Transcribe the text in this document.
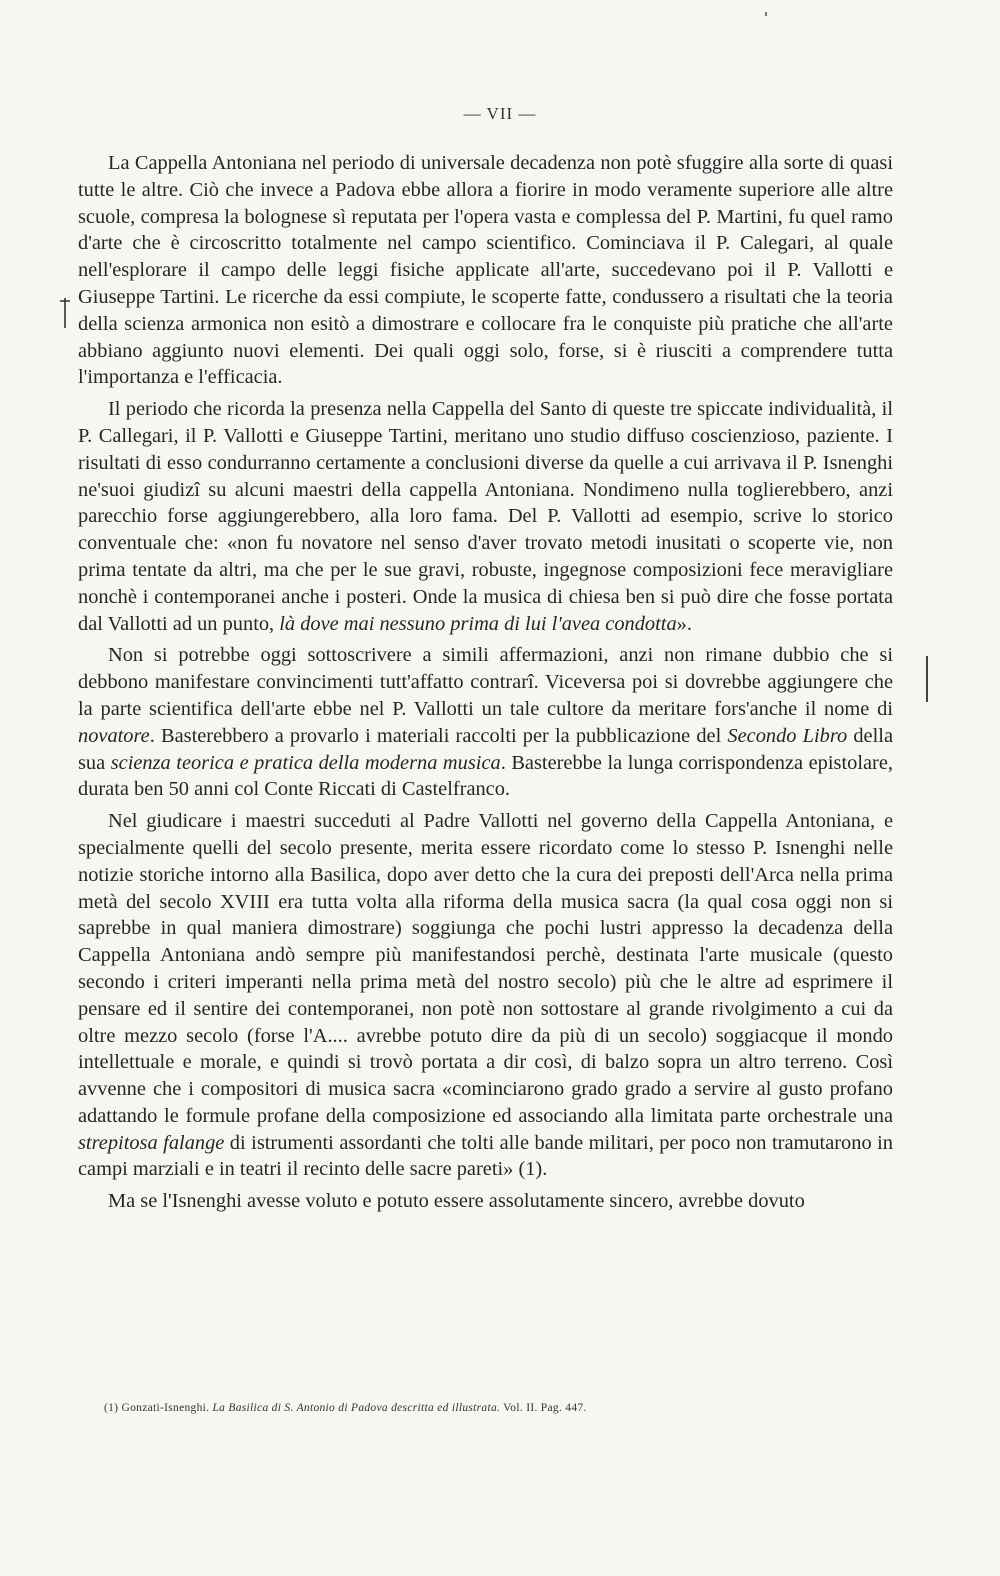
— VII —

La Cappella Antoniana nel periodo di universale decadenza non potè sfuggire alla sorte di quasi tutte le altre. Ciò che invece a Padova ebbe allora a fiorire in modo veramente superiore alle altre scuole, compresa la bolognese sì reputata per l'opera vasta e complessa del P. Martini, fu quel ramo d'arte che è circoscritto totalmente nel campo scientifico. Cominciava il P. Calegari, al quale nell'esplorare il campo delle leggi fisiche applicate all'arte, succedevano poi il P. Vallotti e Giuseppe Tartini. Le ricerche da essi compiute, le scoperte fatte, condussero a risultati che la teoria della scienza armonica non esitò a dimostrare e collocare fra le conquiste più pratiche che all'arte abbiano aggiunto nuovi elementi. Dei quali oggi solo, forse, si è riusciti a comprendere tutta l'importanza e l'efficacia.

Il periodo che ricorda la presenza nella Cappella del Santo di queste tre spiccate individualità, il P. Callegari, il P. Vallotti e Giuseppe Tartini, meritano uno studio diffuso coscienzioso, paziente. I risultati di esso condurranno certamente a conclusioni diverse da quelle a cui arrivava il P. Isnenghi ne'suoi giudizî su alcuni maestri della cappella Antoniana. Nondimeno nulla toglierebbero, anzi parecchio forse aggiungerebbero, alla loro fama. Del P. Vallotti ad esempio, scrive lo storico conventuale che: «non fu novatore nel senso d'aver trovato metodi inusitati o scoperte vie, non prima tentate da altri, ma che per le sue gravi, robuste, ingegnose composizioni fece meravigliare nonchè i contemporanei anche i posteri. Onde la musica di chiesa ben si può dire che fosse portata dal Vallotti ad un punto, là dove mai nessuno prima di lui l'avea condotta».

Non si potrebbe oggi sottoscrivere a simili affermazioni, anzi non rimane dubbio che si debbono manifestare convincimenti tutt'affatto contrarî. Viceversa poi si dovrebbe aggiungere che la parte scientifica dell'arte ebbe nel P. Vallotti un tale cultore da meritare fors'anche il nome di novatore. Basterebbero a provarlo i materiali raccolti per la pubblicazione del Secondo Libro della sua scienza teorica e pratica della moderna musica. Basterebbe la lunga corrispondenza epistolare, durata ben 50 anni col Conte Riccati di Castelfranco.

Nel giudicare i maestri succeduti al Padre Vallotti nel governo della Cappella Antoniana, e specialmente quelli del secolo presente, merita essere ricordato come lo stesso P. Isnenghi nelle notizie storiche intorno alla Basilica, dopo aver detto che la cura dei preposti dell'Arca nella prima metà del secolo XVIII era tutta volta alla riforma della musica sacra (la qual cosa oggi non si saprebbe in qual maniera dimostrare) soggiunga che pochi lustri appresso la decadenza della Cappella Antoniana andò sempre più manifestandosi perchè, destinata l'arte musicale (questo secondo i criteri imperanti nella prima metà del nostro secolo) più che le altre ad esprimere il pensare ed il sentire dei contemporanei, non potè non sottostare al grande rivolgimento a cui da oltre mezzo secolo (forse l'A.... avrebbe potuto dire da più di un secolo) soggiacque il mondo intellettuale e morale, e quindi si trovò portata a dir così, di balzo sopra un altro terreno. Così avvenne che i compositori di musica sacra «cominciarono grado grado a servire al gusto profano adattando le formule profane della composizione ed associando alla limitata parte orchestrale una strepitosa falange di istrumenti assordanti che tolti alle bande militari, per poco non tramutarono in campi marziali e in teatri il recinto delle sacre pareti» (1).

Ma se l'Isnenghi avesse voluto e potuto essere assolutamente sincero, avrebbe dovuto

(1) Gonzati-Isnenghi. La Basilica di S. Antonio di Padova descritta ed illustrata. Vol. II. Pag. 447.
